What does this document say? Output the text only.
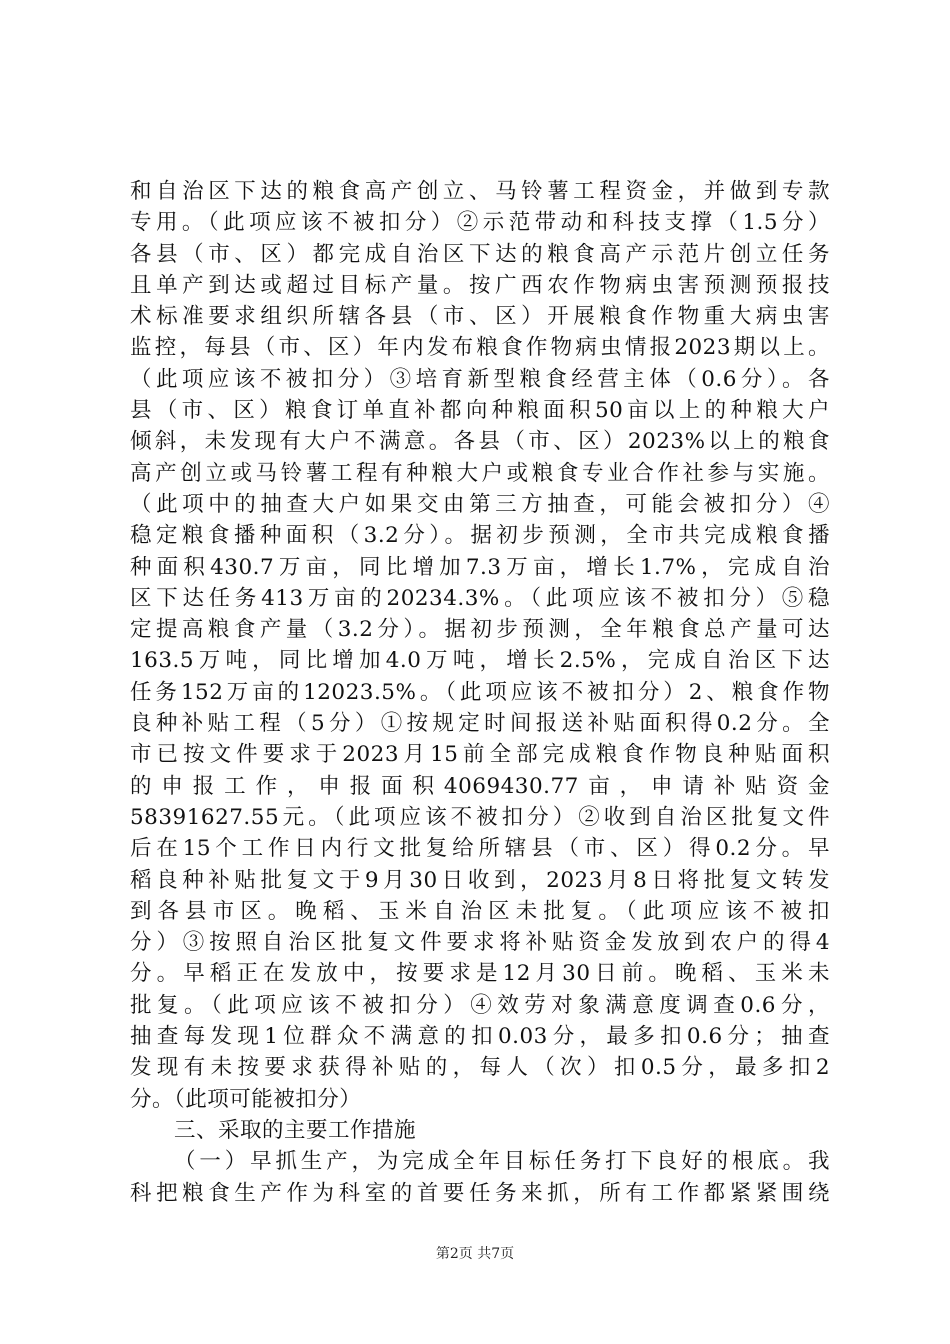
和自治区下达的粮食高产创立、马铃薯工程资金，并做到专款
专用。（此项应该不被扣分）②示范带动和科技支撑（1.5分）
各县（市、区）都完成自治区下达的粮食高产示范片创立任务
且单产到达或超过目标产量。按广西农作物病虫害预测预报技
术标准要求组织所辖各县（市、区）开展粮食作物重大病虫害
监控，每县（市、区）年内发布粮食作物病虫情报2023期以上。
（此项应该不被扣分）③培育新型粮食经营主体（0.6分）。各
县（市、区）粮食订单直补都向种粮面积50亩以上的种粮大户
倾斜，未发现有大户不满意。各县（市、区）2023%以上的粮食
高产创立或马铃薯工程有种粮大户或粮食专业合作社参与实施。
（此项中的抽查大户如果交由第三方抽查，可能会被扣分）④
稳定粮食播种面积（3.2分）。据初步预测，全市共完成粮食播
种面积430.7万亩，同比增加7.3万亩，增长1.7%，完成自治
区下达任务413万亩的20234.3%。（此项应该不被扣分）⑤稳
定提高粮食产量（3.2分）。据初步预测，全年粮食总产量可达
163.5万吨，同比增加4.0万吨，增长2.5%，完成自治区下达
任务152万亩的12023.5%。（此项应该不被扣分）2、粮食作物
良种补贴工程（5分）①按规定时间报送补贴面积得0.2分。全
市已按文件要求于2023月15前全部完成粮食作物良种贴面积
的申报工作，申报面积4069430.77亩，申请补贴资金
58391627.55元。（此项应该不被扣分）②收到自治区批复文件
后在15个工作日内行文批复给所辖县（市、区）得0.2分。早
稻良种补贴批复文于9月30日收到，2023月8日将批复文转发
到各县市区。晚稻、玉米自治区未批复。（此项应该不被扣
分）③按照自治区批复文件要求将补贴资金发放到农户的得4
分。早稻正在发放中，按要求是12月30日前。晚稻、玉米未
批复。（此项应该不被扣分）④效劳对象满意度调查0.6分，
抽查每发现1位群众不满意的扣0.03分，最多扣0.6分；抽查
发现有未按要求获得补贴的，每人（次）扣0.5分，最多扣2
分。（此项可能被扣分）
三、采取的主要工作措施
（一）早抓生产，为完成全年目标任务打下良好的根底。我
科把粮食生产作为科室的首要任务来抓，所有工作都紧紧围绕
第2页 共7页
